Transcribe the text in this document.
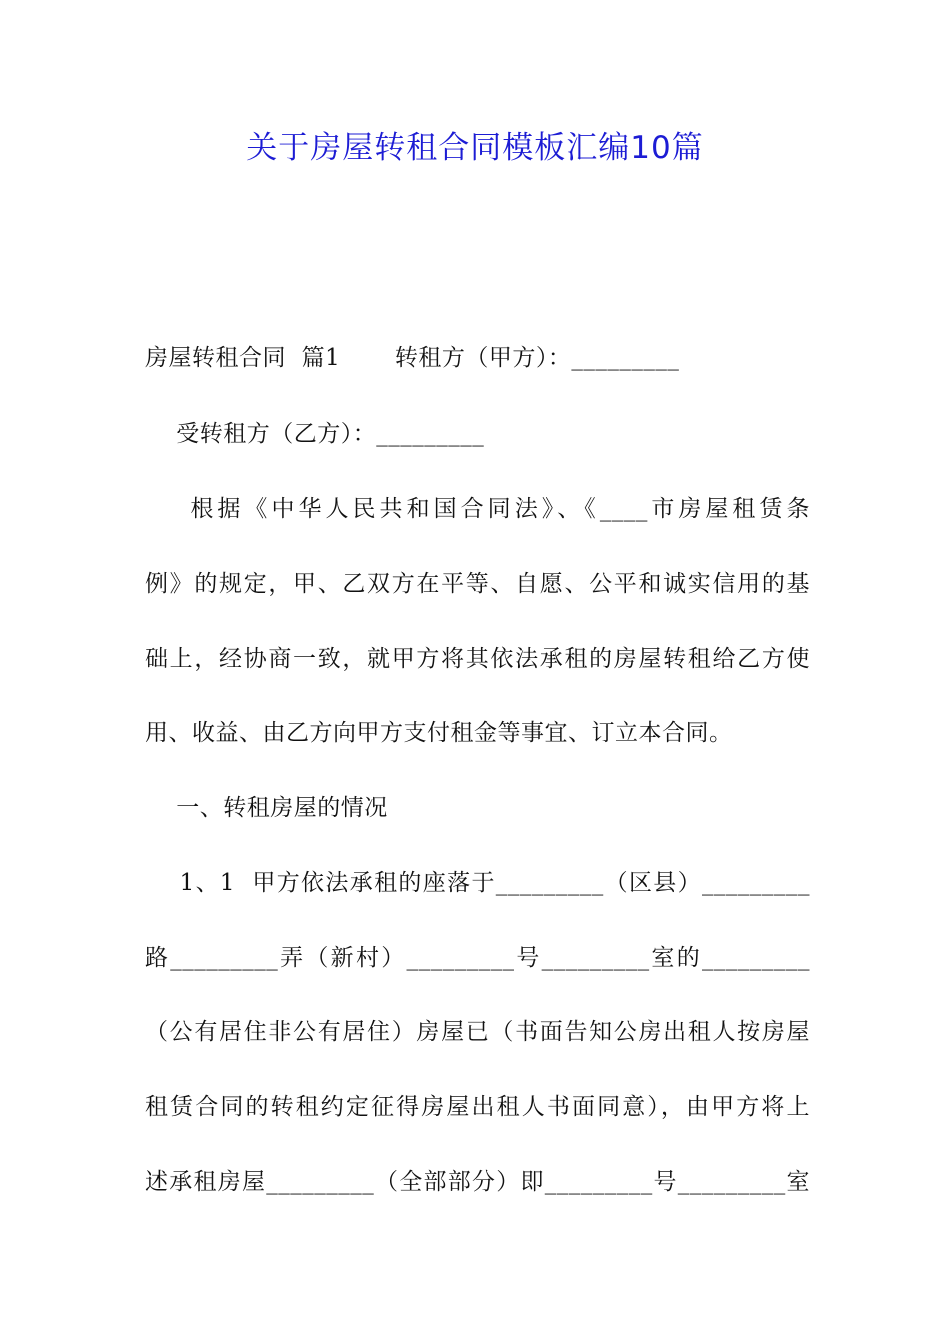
关于房屋转租合同模板汇编10篇
房屋转租合同  篇1       转租方（甲方）：_________
受转租方（乙方）：_________
根据《中华人民共和国合同法》、《____市房屋租赁条
例》的规定，甲、乙双方在平等、自愿、公平和诚实信用的基
础上，经协商一致，就甲方将其依法承租的房屋转租给乙方使
用、收益、由乙方向甲方支付租金等事宜、订立本合同。
一、转租房屋的情况
1、1  甲方依法承租的座落于_________（区县）_________
路_________弄（新村）_________号_________室的_________
（公有居住非公有居住）房屋已（书面告知公房出租人按房屋
租赁合同的转租约定征得房屋出租人书面同意），由甲方将上
述承租房屋_________（全部部分）即_________号_________室
